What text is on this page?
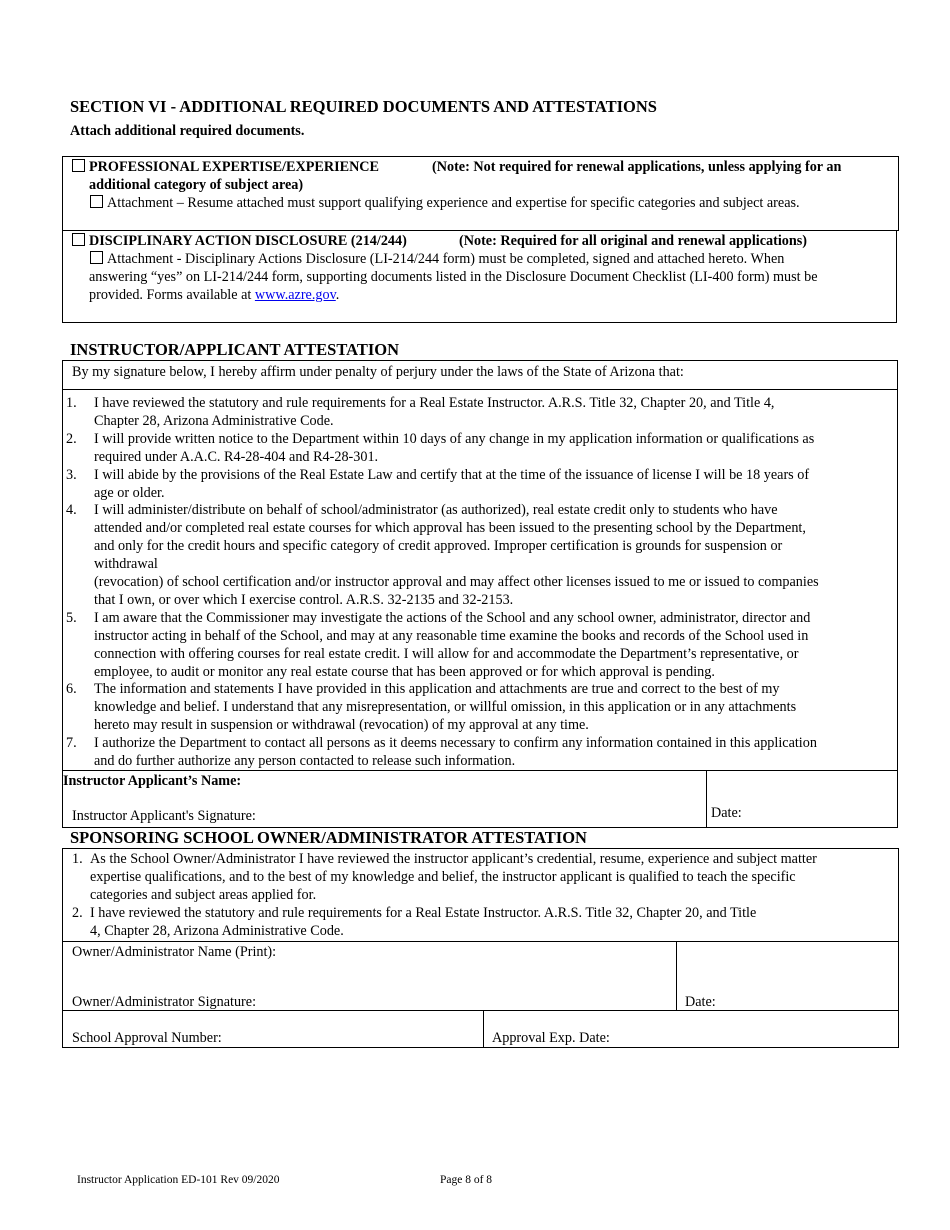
SECTION VI - ADDITIONAL REQUIRED DOCUMENTS AND ATTESTATIONS
Attach additional required documents.
PROFESSIONAL EXPERTISE/EXPERIENCE	(Note: Not required for renewal applications, unless applying for an
additional category of subject area)
Attachment – Resume attached must support qualifying experience and expertise for specific categories and subject areas.
DISCIPLINARY ACTION DISCLOSURE (214/244)	(Note: Required for all original and renewal applications)
Attachment - Disciplinary Actions Disclosure (LI-214/244 form) must be completed, signed and attached hereto. When
answering “yes” on LI-214/244 form, supporting documents listed in the Disclosure Document Checklist (LI-400 form) must be
provided. Forms available at www.azre.gov.
INSTRUCTOR/APPLICANT ATTESTATION
By my signature below, I hereby affirm under penalty of perjury under the laws of the State of Arizona that:
1. I have reviewed the statutory and rule requirements for a Real Estate Instructor. A.R.S. Title 32, Chapter 20, and Title 4,
Chapter 28, Arizona Administrative Code.
2. I will provide written notice to the Department within 10 days of any change in my application information or qualifications as
required under A.A.C. R4-28-404 and R4-28-301.
3. I will abide by the provisions of the Real Estate Law and certify that at the time of the issuance of license I will be 18 years of
age or older.
4. I will administer/distribute on behalf of school/administrator (as authorized), real estate credit only to students who have
attended and/or completed real estate courses for which approval has been issued to the presenting school by the Department,
and only for the credit hours and specific category of credit approved. Improper certification is grounds for suspension or
withdrawal
(revocation) of school certification and/or instructor approval and may affect other licenses issued to me or issued to companies
that I own, or over which I exercise control. A.R.S. 32-2135 and 32-2153.
5. I am aware that the Commissioner may investigate the actions of the School and any school owner, administrator, director and
instructor acting in behalf of the School, and may at any reasonable time examine the books and records of the School used in
connection with offering courses for real estate credit. I will allow for and accommodate the Department’s representative, or
employee, to audit or monitor any real estate course that has been approved or for which approval is pending.
6. The information and statements I have provided in this application and attachments are true and correct to the best of my
knowledge and belief. I understand that any misrepresentation, or willful omission, in this application or in any attachments
hereto may result in suspension or withdrawal (revocation) of my approval at any time.
7. I authorize the Department to contact all persons as it deems necessary to confirm any information contained in this application
and do further authorize any person contacted to release such information.
Instructor Applicant’s Name:
Instructor Applicant's Signature:	Date:
SPONSORING SCHOOL OWNER/ADMINISTRATOR ATTESTATION
1. As the School Owner/Administrator I have reviewed the instructor applicant’s credential, resume, experience and subject matter
expertise qualifications, and to the best of my knowledge and belief, the instructor applicant is qualified to teach the specific
categories and subject areas applied for.
2. I have reviewed the statutory and rule requirements for a Real Estate Instructor. A.R.S. Title 32, Chapter 20, and Title
4, Chapter 28, Arizona Administrative Code.
Owner/Administrator Name (Print):
Owner/Administrator Signature:	Date:
School Approval Number:	Approval Exp. Date:
Instructor Application ED-101 Rev 09/2020	Page 8 of 8
